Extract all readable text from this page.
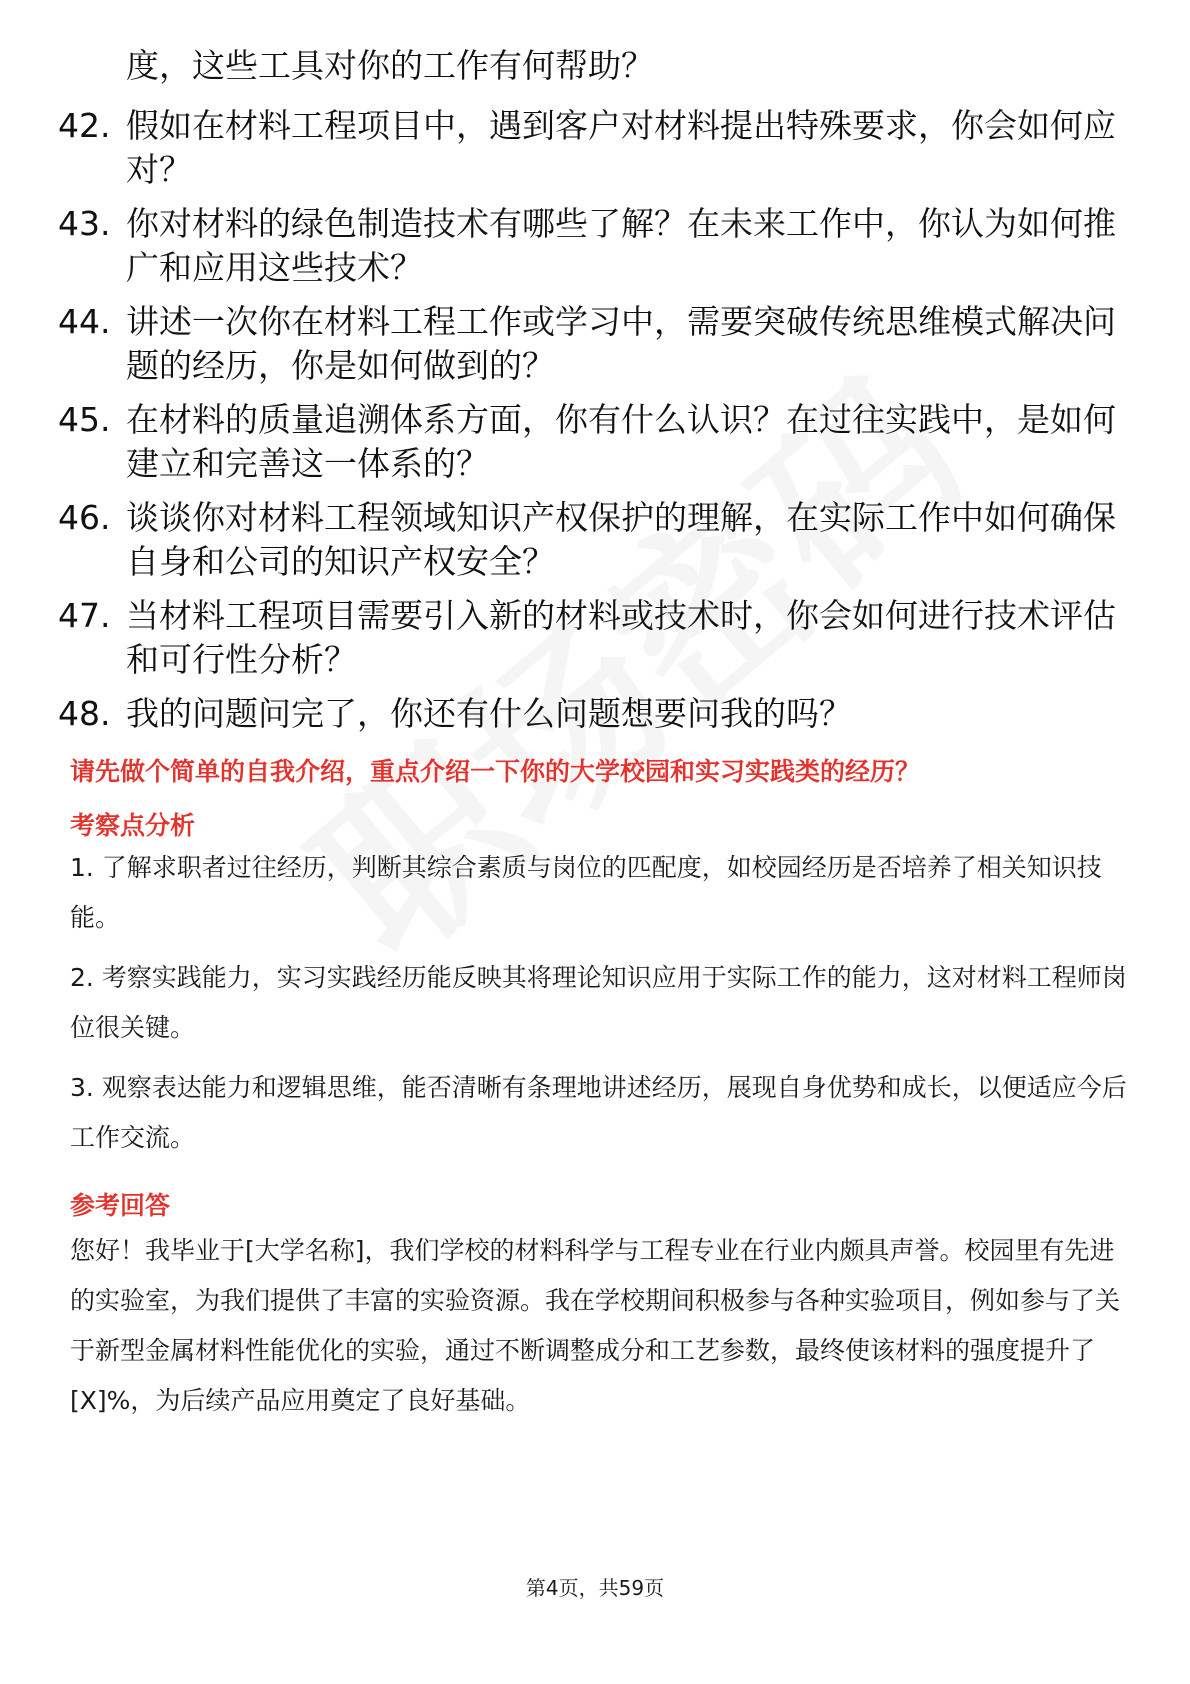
度，这些工具对你的工作有何帮助？
42. 假如在材料工程项目中，遇到客户对材料提出特殊要求，你会如何应对？
43. 你对材料的绿色制造技术有哪些了解？在未来工作中，你认为如何推广和应用这些技术？
44. 讲述一次你在材料工程工作或学习中，需要突破传统思维模式解决问题的经历，你是如何做到的？
45. 在材料的质量追溯体系方面，你有什么认识？在过往实践中，是如何建立和完善这一体系的？
46. 谈谈你对材料工程领域知识产权保护的理解，在实际工作中如何确保自身和公司的知识产权安全？
47. 当材料工程项目需要引入新的材料或技术时，你会如何进行技术评估和可行性分析？
48. 我的问题问完了，你还有什么问题想要问我的吗？
请先做个简单的自我介绍，重点介绍一下你的大学校园和实习实践类的经历？
考察点分析
1. 了解求职者过往经历，判断其综合素质与岗位的匹配度，如校园经历是否培养了相关知识技能。
2. 考察实践能力，实习实践经历能反映其将理论知识应用于实际工作的能力，这对材料工程师岗位很关键。
3. 观察表达能力和逻辑思维，能否清晰有条理地讲述经历，展现自身优势和成长，以便适应今后工作交流。
参考回答
您好！我毕业于[大学名称]，我们学校的材料科学与工程专业在行业内颇具声誉。校园里有先进的实验室，为我们提供了丰富的实验资源。我在学校期间积极参与各种实验项目，例如参与了关于新型金属材料性能优化的实验，通过不断调整成分和工艺参数，最终使该材料的强度提升了[X]%，为后续产品应用奠定了良好基础。
第4页，共59页
